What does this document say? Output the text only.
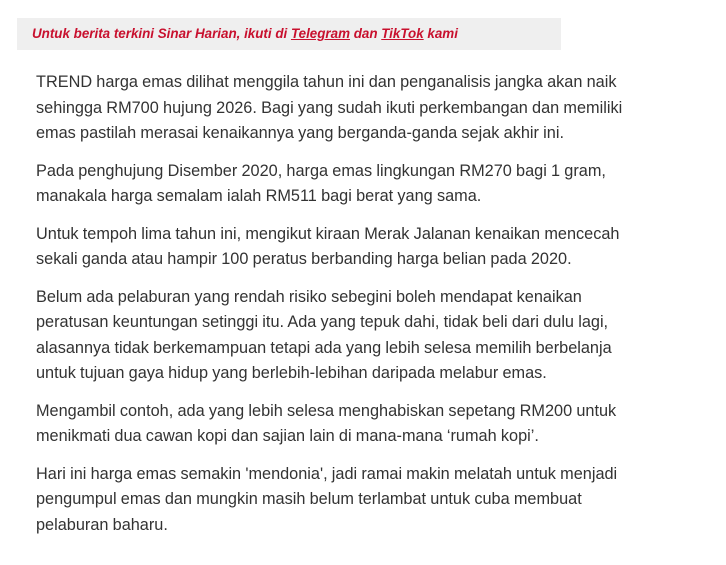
Untuk berita terkini Sinar Harian, ikuti di Telegram dan TikTok kami

TREND harga emas dilihat menggila tahun ini dan penganalisis jangka akan naik
sehingga RM700 hujung 2026. Bagi yang sudah ikuti perkembangan dan memiliki
emas pastilah merasai kenaikannya yang berganda-ganda sejak akhir ini.

Pada penghujung Disember 2020, harga emas lingkungan RM270 bagi 1 gram,
manakala harga semalam ialah RM511 bagi berat yang sama.

Untuk tempoh lima tahun ini, mengikut kiraan Merak Jalanan kenaikan mencecah
sekali ganda atau hampir 100 peratus berbanding harga belian pada 2020.

Belum ada pelaburan yang rendah risiko sebegini boleh mendapat kenaikan
peratusan keuntungan setinggi itu. Ada yang tepuk dahi, tidak beli dari dulu lagi,
alasannya tidak berkemampuan tetapi ada yang lebih selesa memilih berbelanja
untuk tujuan gaya hidup yang berlebih-lebihan daripada melabur emas.

Mengambil contoh, ada yang lebih selesa menghabiskan sepetang RM200 untuk
menikmati dua cawan kopi dan sajian lain di mana-mana ‘rumah kopi’.

Hari ini harga emas semakin 'mendonia', jadi ramai makin melatah untuk menjadi
pengumpul emas dan mungkin masih belum terlambat untuk cuba membuat
pelaburan baharu.
